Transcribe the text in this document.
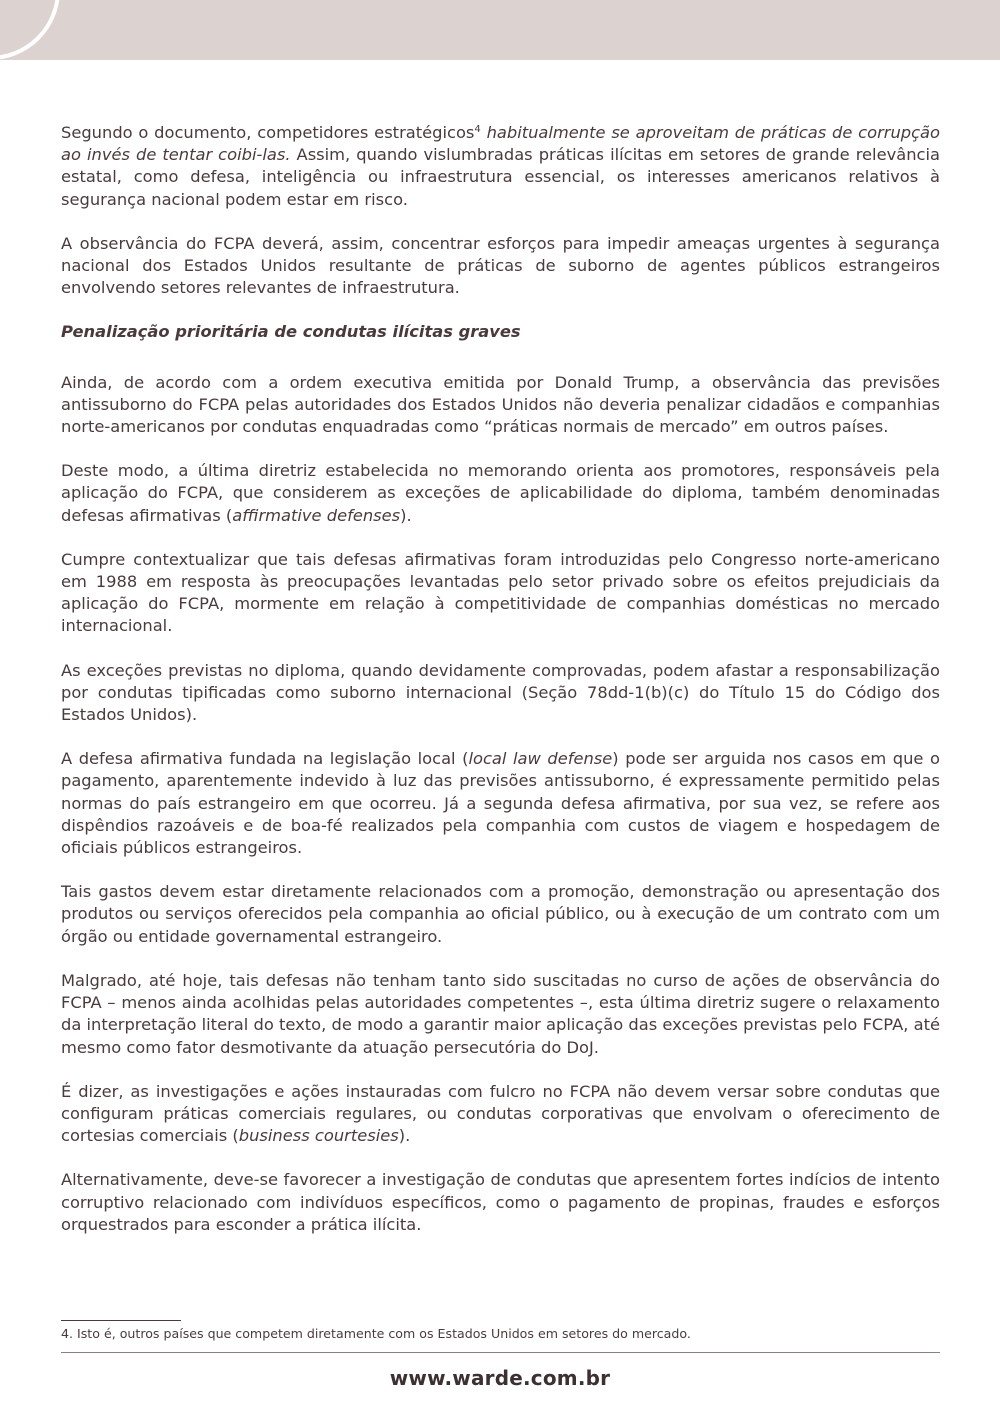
Segundo o documento, competidores estratégicos$^4$ habitualmente se aproveitam de práticas de corrupção ao invés de tentar coibi-las. Assim, quando vislumbradas práticas ilícitas em setores de grande relevância estatal, como defesa, inteligência ou infraestrutura essencial, os interesses americanos relativos à segurança nacional podem estar em risco.

A observância do FCPA deverá, assim, concentrar esforços para impedir ameaças urgentes à segurança nacional dos Estados Unidos resultante de práticas de suborno de agentes públicos estrangeiros envolvendo setores relevantes de infraestrutura.

Penalização prioritária de condutas ilícitas graves

Ainda, de acordo com a ordem executiva emitida por Donald Trump, a observância das previsões antissuborno do FCPA pelas autoridades dos Estados Unidos não deveria penalizar cidadãos e companhias norte-americanos por condutas enquadradas como “práticas normais de mercado” em outros países.

Deste modo, a última diretriz estabelecida no memorando orienta aos promotores, responsáveis pela aplicação do FCPA, que considerem as exceções de aplicabilidade do diploma, também denominadas defesas afirmativas (affirmative defenses).

Cumpre contextualizar que tais defesas afirmativas foram introduzidas pelo Congresso norte-americano em 1988 em resposta às preocupações levantadas pelo setor privado sobre os efeitos prejudiciais da aplicação do FCPA, mormente em relação à competitividade de companhias domésticas no mercado internacional.

As exceções previstas no diploma, quando devidamente comprovadas, podem afastar a responsabilização por condutas tipificadas como suborno internacional (Seção 78dd-1(b)(c) do Título 15 do Código dos Estados Unidos).

A defesa afirmativa fundada na legislação local (local law defense) pode ser arguida nos casos em que o pagamento, aparentemente indevido à luz das previsões antissuborno, é expressamente permitido pelas normas do país estrangeiro em que ocorreu. Já a segunda defesa afirmativa, por sua vez, se refere aos dispêndios razoáveis e de boa-fé realizados pela companhia com custos de viagem e hospedagem de oficiais públicos estrangeiros.

Tais gastos devem estar diretamente relacionados com a promoção, demonstração ou apresentação dos produtos ou serviços oferecidos pela companhia ao oficial público, ou à execução de um contrato com um órgão ou entidade governamental estrangeiro.

Malgrado, até hoje, tais defesas não tenham tanto sido suscitadas no curso de ações de observância do FCPA – menos ainda acolhidas pelas autoridades competentes –, esta última diretriz sugere o relaxamento da interpretação literal do texto, de modo a garantir maior aplicação das exceções previstas pelo FCPA, até mesmo como fator desmotivante da atuação persecutória do DoJ.

É dizer, as investigações e ações instauradas com fulcro no FCPA não devem versar sobre condutas que configuram práticas comerciais regulares, ou condutas corporativas que envolvam o oferecimento de cortesias comerciais (business courtesies).

Alternativamente, deve-se favorecer a investigação de condutas que apresentem fortes indícios de intento corruptivo relacionado com indivíduos específicos, como o pagamento de propinas, fraudes e esforços orquestrados para esconder a prática ilícita.

4. Isto é, outros países que competem diretamente com os Estados Unidos em setores do mercado.
www.warde.com.br
